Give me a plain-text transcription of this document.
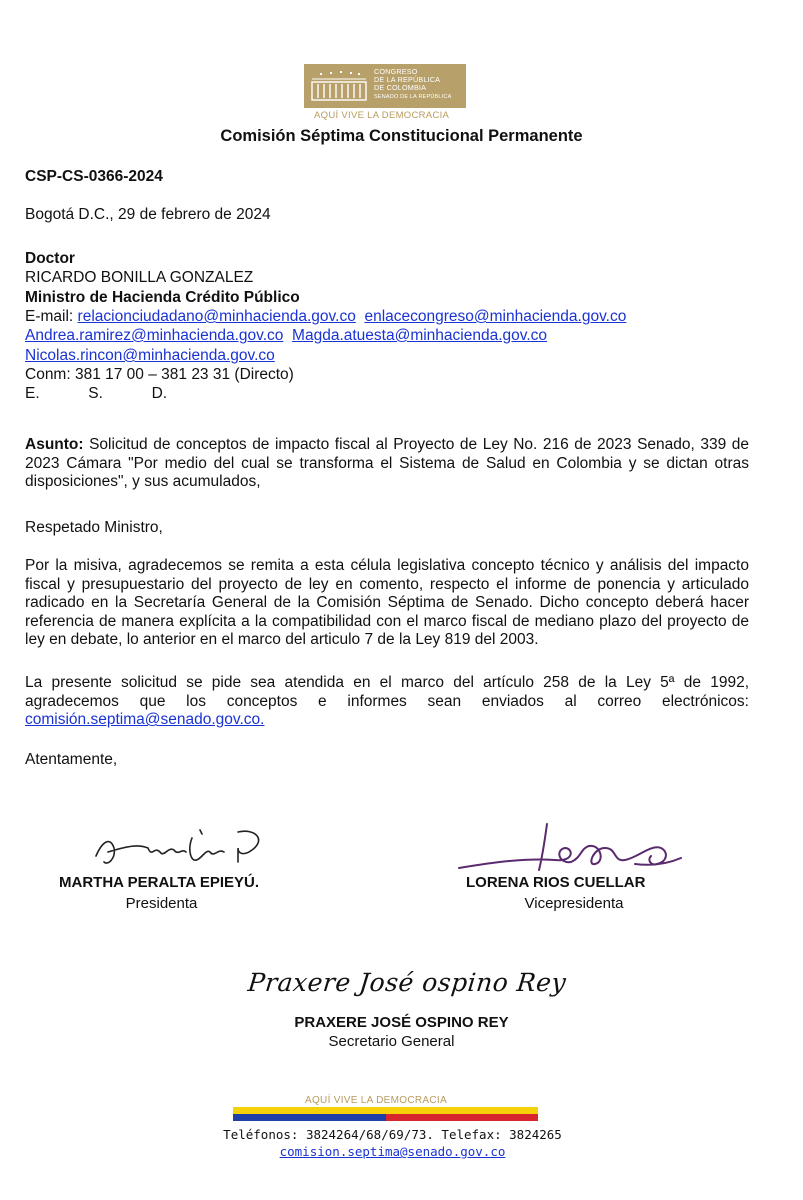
CONGRESO
DE LA REPÚBLICA
DE COLOMBIA
SENADO DE LA REPÚBLICA
AQUÍ VIVE LA DEMOCRACIA
Comisión Séptima Constitucional Permanente
CSP-CS-0366-2024
Bogotá D.C., 29 de febrero de 2024
Doctor
RICARDO BONILLA GONZALEZ
Ministro de Hacienda Crédito Público
E-mail: relacionciudadano@minhacienda.gov.co enlacecongreso@minhacienda.gov.co
Andrea.ramirez@minhacienda.gov.co Magda.atuesta@minhacienda.gov.co
Nicolas.rincon@minhacienda.gov.co
Conm: 381 17 00 – 381 23 31 (Directo)
E.	S.	D.
Asunto: Solicitud de conceptos de impacto fiscal al Proyecto de Ley No. 216 de 2023 Senado, 339 de 2023 Cámara "Por medio del cual se transforma el Sistema de Salud en Colombia y se dictan otras disposiciones", y sus acumulados,
Respetado Ministro,
Por la misiva, agradecemos se remita a esta célula legislativa concepto técnico y análisis del impacto fiscal y presupuestario del proyecto de ley en comento, respecto el informe de ponencia y articulado radicado en la Secretaría General de la Comisión Séptima de Senado. Dicho concepto deberá hacer referencia de manera explícita a la compatibilidad con el marco fiscal de mediano plazo del proyecto de ley en debate, lo anterior en el marco del articulo 7 de la Ley 819 del 2003.
La presente solicitud se pide sea atendida en el marco del artículo 258 de la Ley 5ª de 1992,
agradecemos que los conceptos e informes sean enviados al correo electrónicos:
comisión.septima@senado.gov.co.
Atentamente,
MARTHA PERALTA EPIEYÚ.
Presidenta
LORENA RIOS CUELLAR
Vicepresidenta
Praxere José ospino Rey
PRAXERE JOSÉ OSPINO REY
Secretario General
AQUÍ VIVE LA DEMOCRACIA
Teléfonos: 3824264/68/69/73. Telefax: 3824265
comision.septima@senado.gov.co
